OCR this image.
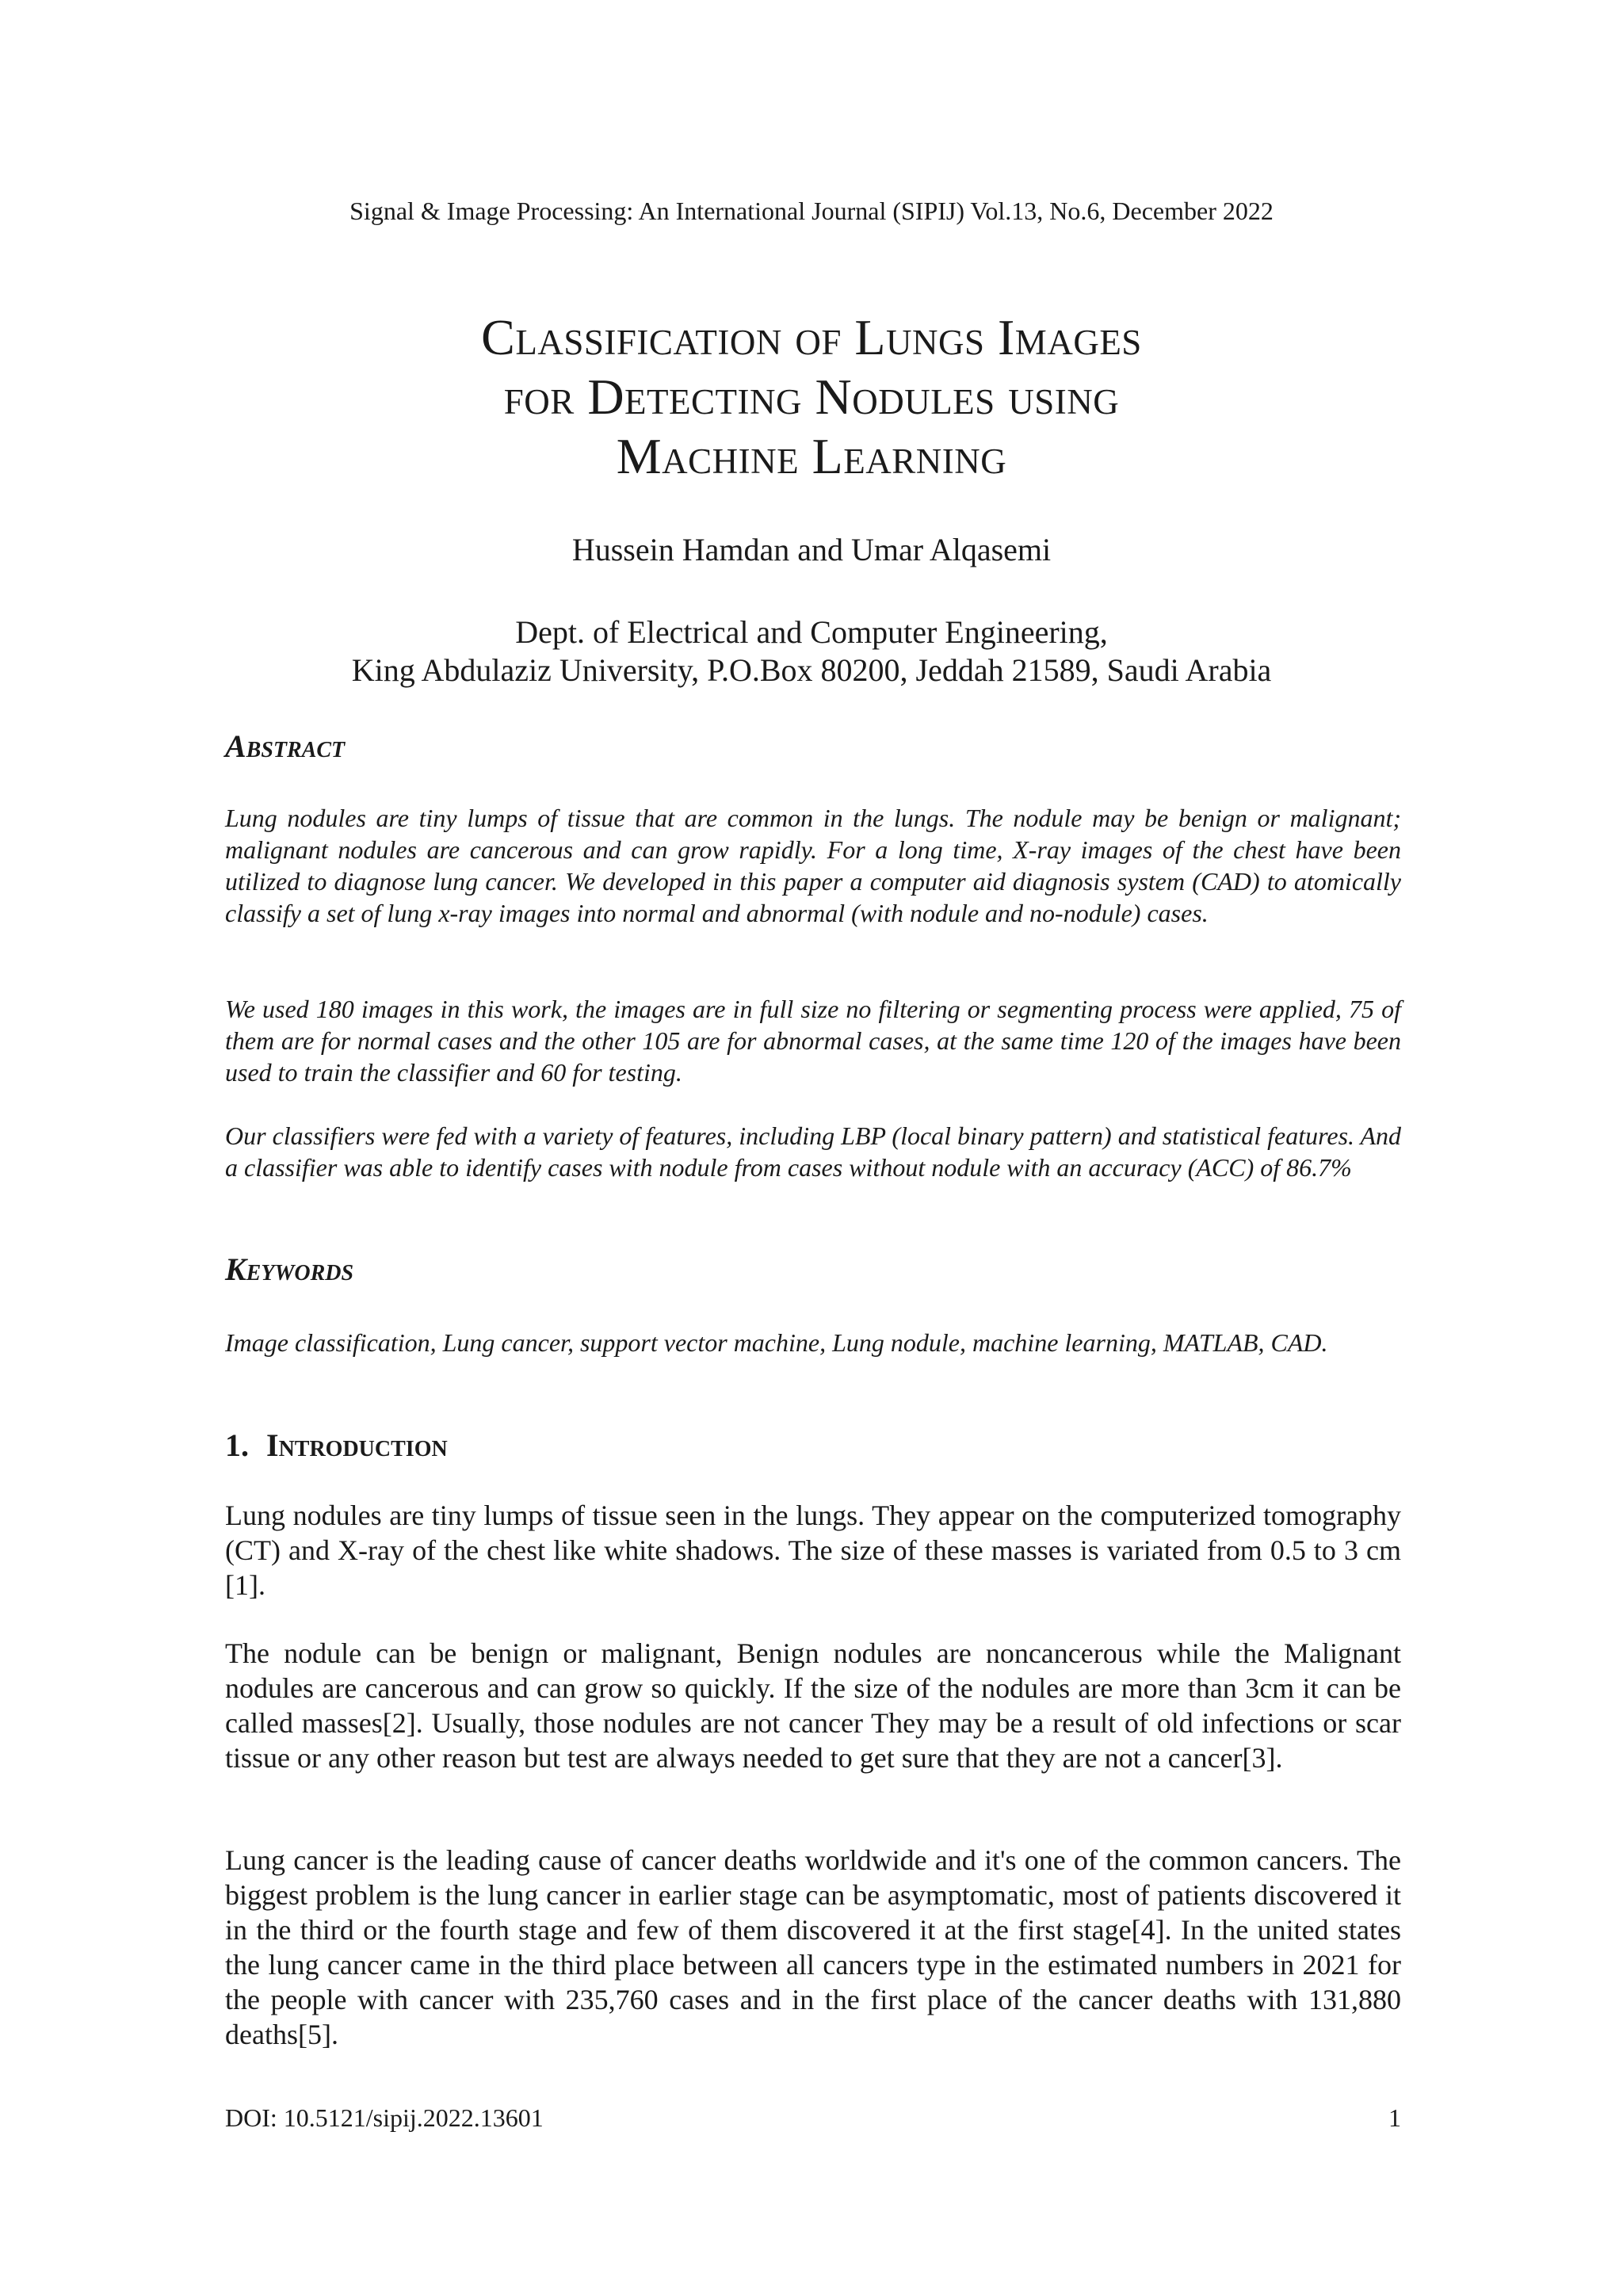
Signal & Image Processing: An International Journal (SIPIJ) Vol.13, No.6, December 2022
Classification of Lungs Images
for Detecting Nodules using
Machine Learning
Hussein Hamdan and Umar Alqasemi
Dept. of Electrical and Computer Engineering,
King Abdulaziz University, P.O.Box 80200, Jeddah 21589, Saudi Arabia
Abstract

Lung nodules are tiny lumps of tissue that are common in the lungs. The nodule may be benign or malignant; malignant nodules are cancerous and can grow rapidly. For a long time, X-ray images of the chest have been utilized to diagnose lung cancer. We developed in this paper a computer aid diagnosis system (CAD) to atomically classify a set of lung x-ray images into normal and abnormal (with nodule and no-nodule) cases.

We used 180 images in this work, the images are in full size no filtering or segmenting process were applied, 75 of them are for normal cases and the other 105 are for abnormal cases, at the same time 120 of the images have been used to train the classifier and 60 for testing.

Our classifiers were fed with a variety of features, including LBP (local binary pattern) and statistical features. And a classifier was able to identify cases with nodule from cases without nodule with an accuracy (ACC) of 86.7%

Keywords

Image classification, Lung cancer, support vector machine, Lung nodule, machine learning, MATLAB, CAD.

1. Introduction

Lung nodules are tiny lumps of tissue seen in the lungs. They appear on the computerized tomography (CT) and X-ray of the chest like white shadows. The size of these masses is variated from 0.5 to 3 cm [1].

The nodule can be benign or malignant, Benign nodules are noncancerous while the Malignant nodules are cancerous and can grow so quickly. If the size of the nodules are more than 3cm it can be called masses[2]. Usually, those nodules are not cancer They may be a result of old infections or scar tissue or any other reason but test are always needed to get sure that they are not a cancer[3].

Lung cancer is the leading cause of cancer deaths worldwide and it's one of the common cancers. The biggest problem is the lung cancer in earlier stage can be asymptomatic, most of patients discovered it in the third or the fourth stage and few of them discovered it at the first stage[4]. In the united states the lung cancer came in the third place between all cancers type in the estimated numbers in 2021 for the people with cancer with 235,760 cases and in the first place of the cancer deaths with 131,880 deaths[5].

DOI: 10.5121/sipij.2022.13601	1
